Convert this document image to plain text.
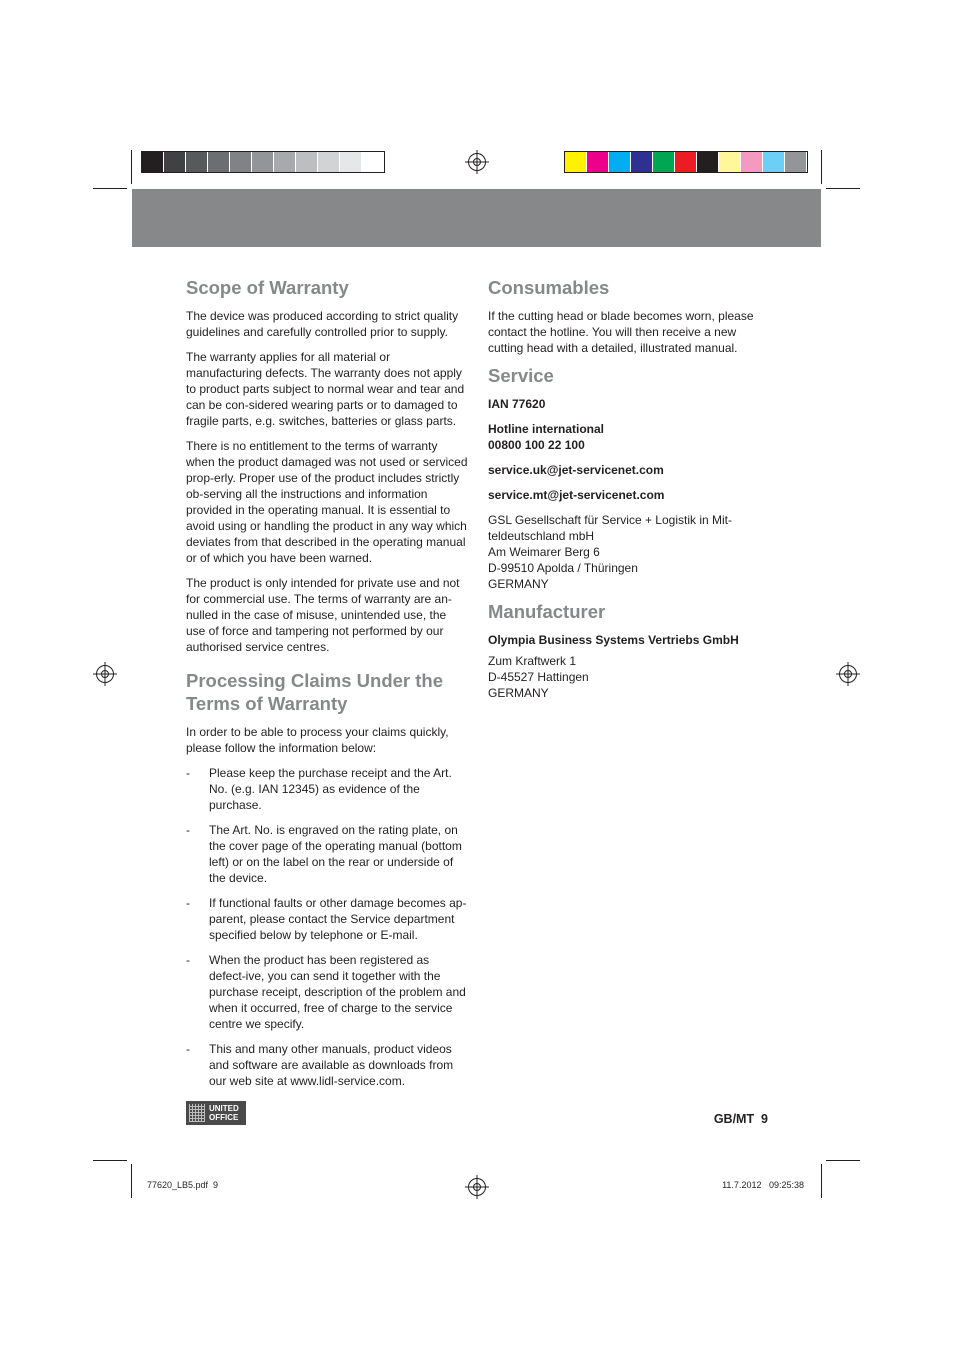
Scope of Warranty

The device was produced according to strict quality guidelines and carefully controlled prior to supply.

The warranty applies for all material or manufacturing defects. The warranty does not apply to product parts subject to normal wear and tear and can be con-sidered wearing parts or to damaged to fragile parts, e.g. switches, batteries or glass parts.

There is no entitlement to the terms of warranty when the product damaged was not used or serviced prop-erly. Proper use of the product includes strictly ob-serving all the instructions and information provided in the operating manual. It is essential to avoid using or handling the product in any way which deviates from that described in the operating manual or of which you have been warned.

The product is only intended for private use and not for commercial use. The terms of warranty are an-nulled in the case of misuse, unintended use, the use of force and tampering not performed by our authorised service centres.

Processing Claims Under the Terms of Warranty

In order to be able to process your claims quickly, please follow the information below:

- Please keep the purchase receipt and the Art. No. (e.g. IAN 12345) as evidence of the purchase.
- The Art. No. is engraved on the rating plate, on the cover page of the operating manual (bottom left) or on the label on the rear or underside of the device.
- If functional faults or other damage becomes ap-parent, please contact the Service department specified below by telephone or E-mail.
- When the product has been registered as defect-ive, you can send it together with the purchase receipt, description of the problem and when it occurred, free of charge to the service centre we specify.
- This and many other manuals, product videos and software are available as downloads from our web site at www.lidl-service.com.
Consumables

If the cutting head or blade becomes worn, please contact the hotline. You will then receive a new cutting head with a detailed, illustrated manual.

Service

IAN 77620

Hotline international

00800 100 22 100

service.uk@jet-servicenet.com

service.mt@jet-servicenet.com

GSL Gesellschaft für Service + Logistik in Mit-

teldeutschland mbH

Am Weimarer Berg 6

D-99510 Apolda / Thüringen

GERMANY

Manufacturer

Olympia Business Systems Vertriebs GmbH

Zum Kraftwerk 1

D-45527 Hattingen

GERMANY

UNITED
OFFICE	GB/MT 9
77620_LB5.pdf  9	11.7.2012   09:25:38
